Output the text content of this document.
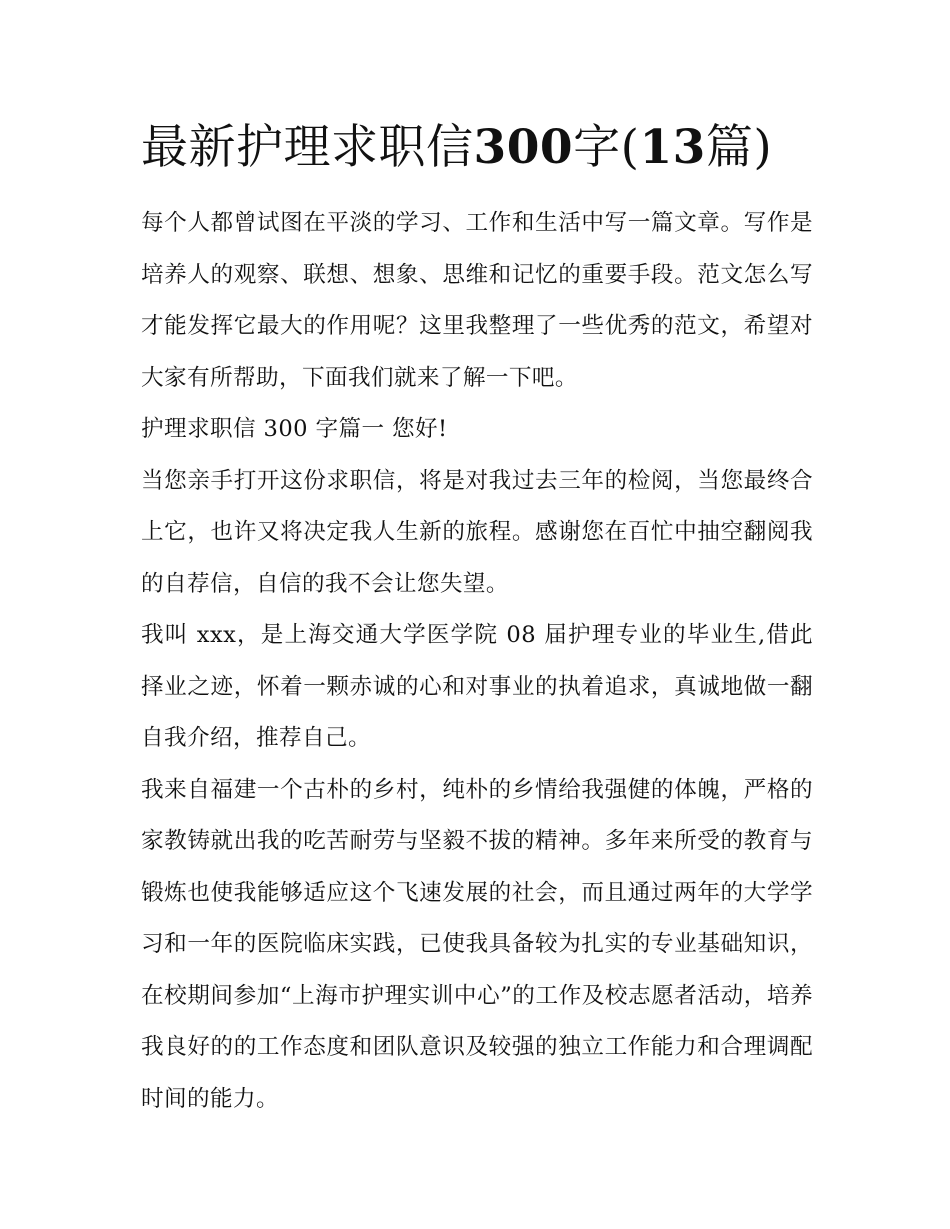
最新护理求职信300字(13篇)

每个人都曾试图在平淡的学习、工作和生活中写一篇文章。写作是培养人的观察、联想、想象、思维和记忆的重要手段。范文怎么写才能发挥它最大的作用呢？这里我整理了一些优秀的范文，希望对大家有所帮助，下面我们就来了解一下吧。

护理求职信 300 字篇一 您好!

当您亲手打开这份求职信，将是对我过去三年的检阅，当您最终合上它，也许又将决定我人生新的旅程。感谢您在百忙中抽空翻阅我的自荐信，自信的我不会让您失望。

我叫 xxx，是上海交通大学医学院 08 届护理专业的毕业生,借此择业之迹，怀着一颗赤诚的心和对事业的执着追求，真诚地做一翻自我介绍，推荐自己。

我来自福建一个古朴的乡村，纯朴的乡情给我强健的体魄，严格的家教铸就出我的吃苦耐劳与坚毅不拔的精神。多年来所受的教育与锻炼也使我能够适应这个飞速发展的社会，而且通过两年的大学学习和一年的医院临床实践，已使我具备较为扎实的专业基础知识，在校期间参加“上海市护理实训中心”的工作及校志愿者活动，培养我良好的的工作态度和团队意识及较强的独立工作能力和合理调配时间的能力。
